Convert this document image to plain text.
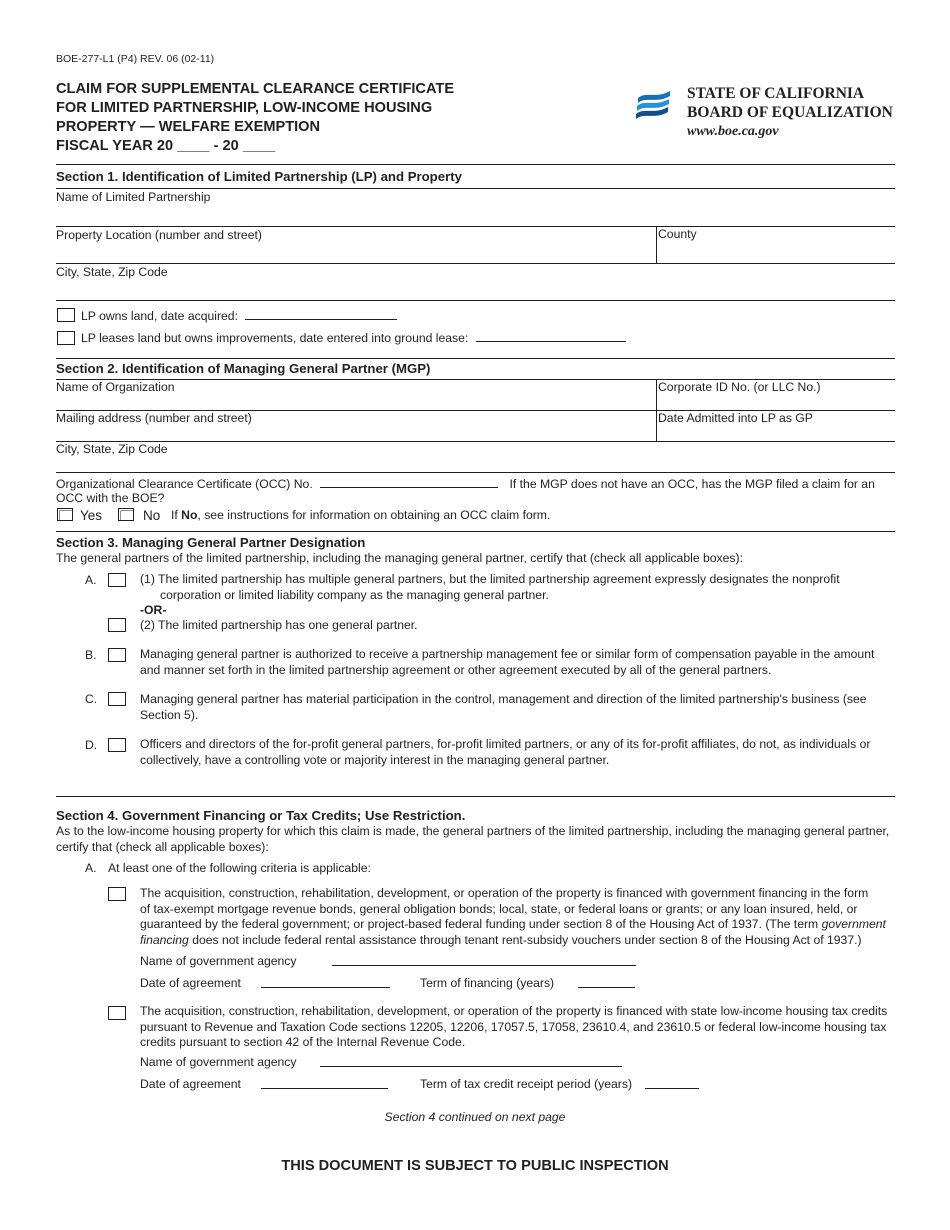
BOE-277-L1 (P4) REV. 06 (02-11)
CLAIM FOR SUPPLEMENTAL CLEARANCE CERTIFICATE
FOR LIMITED PARTNERSHIP, LOW-INCOME HOUSING
PROPERTY — WELFARE EXEMPTION
FISCAL YEAR 20 ____ - 20 ____
STATE OF CALIFORNIA
BOARD OF EQUALIZATION
www.boe.ca.gov
Section 1. Identification of Limited Partnership (LP) and Property
Name of Limited Partnership
Property Location (number and street)	County
City, State, Zip Code
LP owns land, date acquired:
LP leases land but owns improvements, date entered into ground lease:
Section 2. Identification of Managing General Partner (MGP)
Name of Organization	Corporate ID No. (or LLC No.)
Mailing address (number and street)	Date Admitted into LP as GP
City, State, Zip Code
Organizational Clearance Certificate (OCC) No.	If the MGP does not have an OCC, has the MGP filed a claim for an
OCC with the BOE?
Yes	No If No, see instructions for information on obtaining an OCC claim form.
Section 3. Managing General Partner Designation
The general partners of the limited partnership, including the managing general partner, certify that (check all applicable boxes):
A.	(1) The limited partnership has multiple general partners, but the limited partnership agreement expressly designates the nonprofit
corporation or limited liability company as the managing general partner.
-OR-
(2) The limited partnership has one general partner.
B.	Managing general partner is authorized to receive a partnership management fee or similar form of compensation payable in the amount
and manner set forth in the limited partnership agreement or other agreement executed by all of the general partners.
C.	Managing general partner has material participation in the control, management and direction of the limited partnership's business (see
Section 5).
D.	Officers and directors of the for-profit general partners, for-profit limited partners, or any of its for-profit affiliates, do not, as individuals or
collectively, have a controlling vote or majority interest in the managing general partner.
Section 4. Government Financing or Tax Credits; Use Restriction.
As to the low-income housing property for which this claim is made, the general partners of the limited partnership, including the managing general partner,
certify that (check all applicable boxes):
A. At least one of the following criteria is applicable:
The acquisition, construction, rehabilitation, development, or operation of the property is financed with government financing in the form
of tax-exempt mortgage revenue bonds, general obligation bonds; local, state, or federal loans or grants; or any loan insured, held, or
guaranteed by the federal government; or project-based federal funding under section 8 of the Housing Act of 1937. (The term government
financing does not include federal rental assistance through tenant rent-subsidy vouchers under section 8 of the Housing Act of 1937.)
Name of government agency
Date of agreement	Term of financing (years)
The acquisition, construction, rehabilitation, development, or operation of the property is financed with state low-income housing tax credits
pursuant to Revenue and Taxation Code sections 12205, 12206, 17057.5, 17058, 23610.4, and 23610.5 or federal low-income housing tax
credits pursuant to section 42 of the Internal Revenue Code.
Name of government agency
Date of agreement	Term of tax credit receipt period (years)
Section 4 continued on next page
THIS DOCUMENT IS SUBJECT TO PUBLIC INSPECTION
